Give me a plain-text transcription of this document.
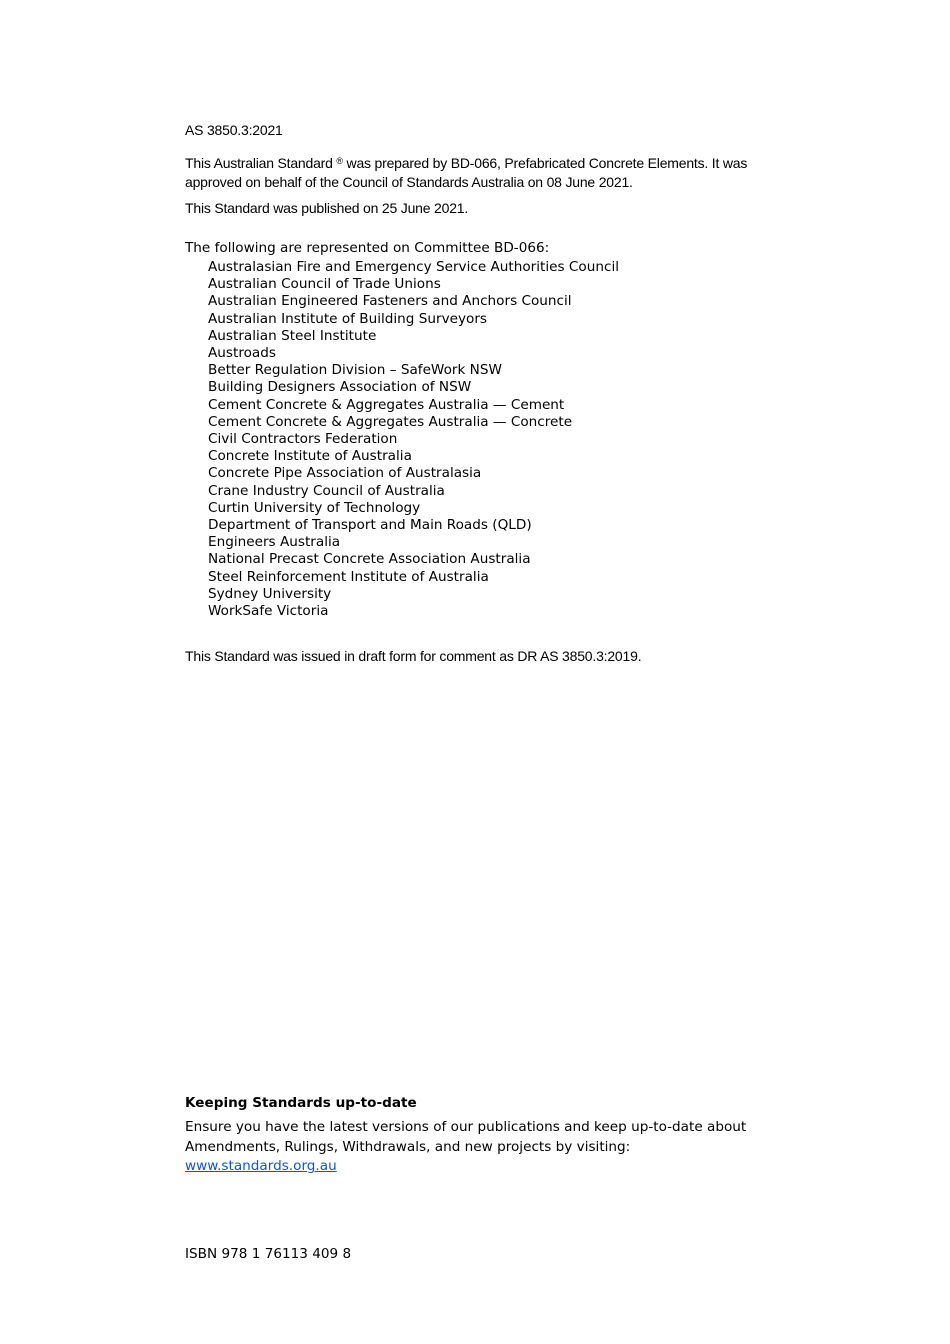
AS 3850.3:2021

This Australian Standard ® was prepared by BD-066, Prefabricated Concrete Elements. It was approved on behalf of the Council of Standards Australia on 08 June 2021.

This Standard was published on 25 June 2021.

The following are represented on Committee BD-066:

Australasian Fire and Emergency Service Authorities Council
Australian Council of Trade Unions
Australian Engineered Fasteners and Anchors Council
Australian Institute of Building Surveyors
Australian Steel Institute
Austroads
Better Regulation Division – SafeWork NSW
Building Designers Association of NSW
Cement Concrete & Aggregates Australia — Cement
Cement Concrete & Aggregates Australia — Concrete
Civil Contractors Federation
Concrete Institute of Australia
Concrete Pipe Association of Australasia
Crane Industry Council of Australia
Curtin University of Technology
Department of Transport and Main Roads (QLD)
Engineers Australia
National Precast Concrete Association Australia
Steel Reinforcement Institute of Australia
Sydney University
WorkSafe Victoria

This Standard was issued in draft form for comment as DR AS 3850.3:2019.

Keeping Standards up-to-date

Ensure you have the latest versions of our publications and keep up-to-date about
Amendments, Rulings, Withdrawals, and new projects by visiting:
www.standards.org.au

ISBN 978 1 76113 409 8
